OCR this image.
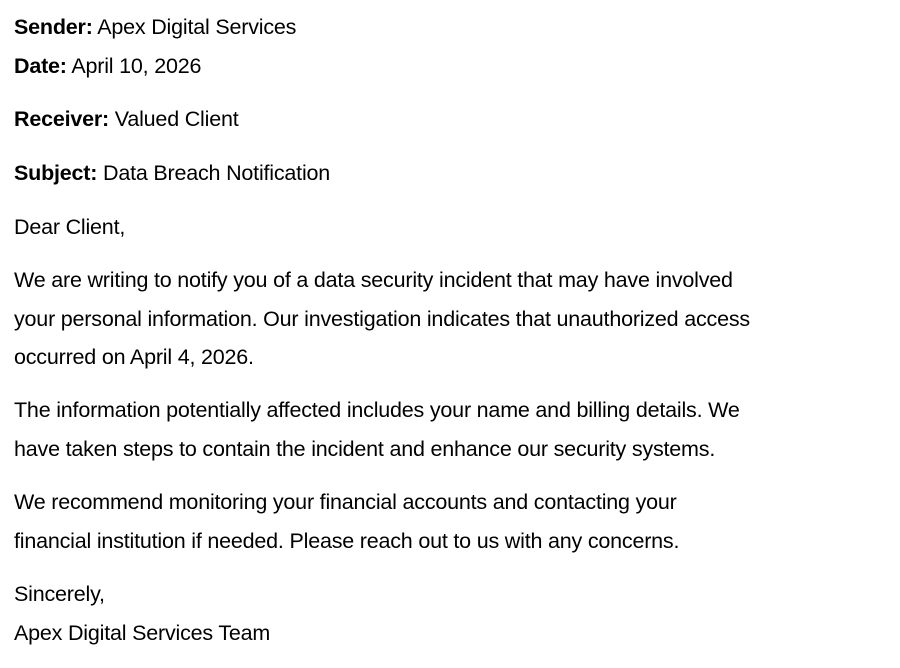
Sender: Apex Digital Services
Date: April 10, 2026
Receiver: Valued Client
Subject: Data Breach Notification
Dear Client,
We are writing to notify you of a data security incident that may have involved
your personal information. Our investigation indicates that unauthorized access
occurred on April 4, 2026.
The information potentially affected includes your name and billing details. We
have taken steps to contain the incident and enhance our security systems.
We recommend monitoring your financial accounts and contacting your
financial institution if needed. Please reach out to us with any concerns.
Sincerely,
Apex Digital Services Team
